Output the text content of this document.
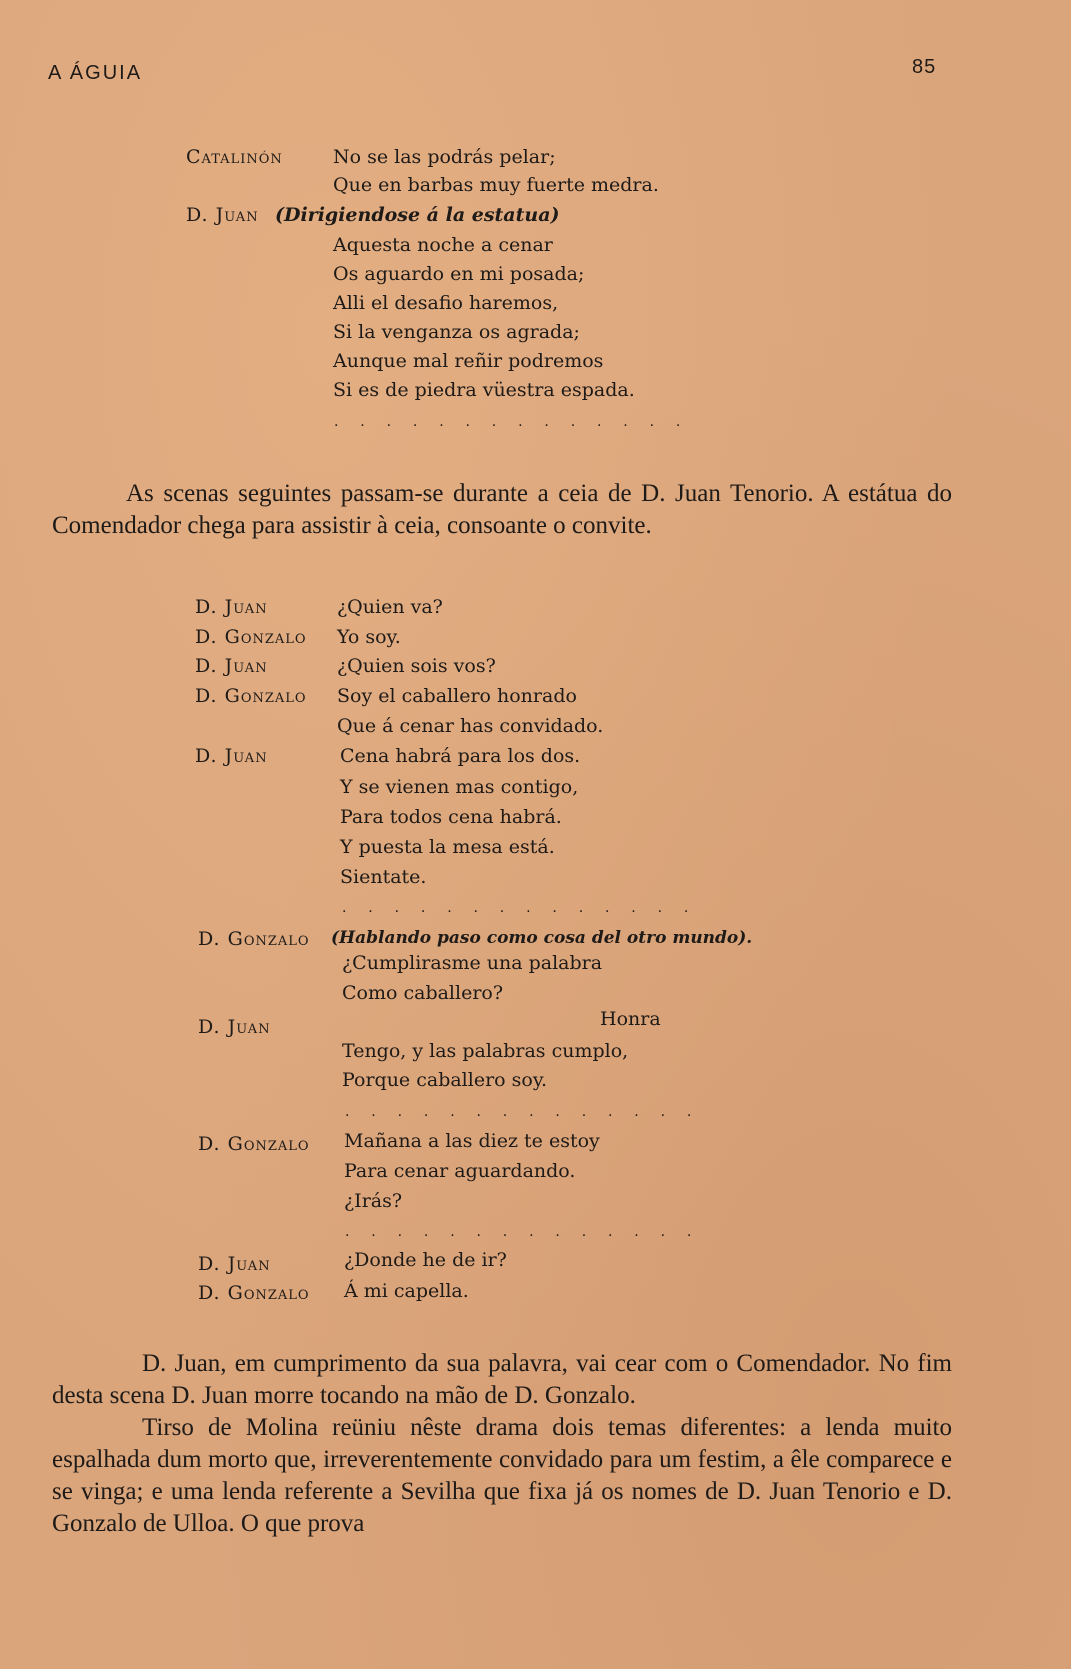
A ÁGUIA	85
Catalinón	No se las podrás pelar;
Que en barbas muy fuerte medra.
D. Juan (Dirigiendose á la estatua)
Aquesta noche a cenar
Os aguardo en mi posada;
Alli el desafio haremos,
Si la venganza os agrada;
Aunque mal reñir podremos
Si es de piedra vüestra espada.
. . . . . . . . . . . . . .
As scenas seguintes passam-se durante a ceia de D. Juan Tenorio. A estátua do Comendador chega para assistir à ceia, consoante o convite.
D. Juan	¿Quien va?
D. Gonzalo Yo soy.
D. Juan	¿Quien sois vos?
D. Gonzalo Soy el caballero honrado
Que á cenar has convidado.
D. Juan	Cena habrá para los dos.
Y se vienen mas contigo,
Para todos cena habrá.
Y puesta la mesa está.
Sientate.
. . . . . . . . . . . . . .
D. Gonzalo (Hablando paso como cosa del otro mundo).
¿Cumplirasme una palabra
Como caballero?
D. Juan	Honra
Tengo, y las palabras cumplo,
Porque caballero soy.
. . . . . . . . . . . . . .
D. Gonzalo Mañana a las diez te estoy
Para cenar aguardando.
¿Irás?
. . . . . . . . . . . . . .
D. Juan	¿Donde he de ir?
D. Gonzalo Á mi capella.
D. Juan, em cumprimento da sua palavra, vai cear com o Comendador. No fim desta scena D. Juan morre tocando na mão de D. Gonzalo.
Tirso de Molina reüniu nêste drama dois temas diferentes: a lenda muito espalhada dum morto que, irreverentemente convidado para um festim, a êle comparece e se vinga; e uma lenda referente a Sevilha que fixa já os nomes de D. Juan Tenorio e D. Gonzalo de Ulloa. O que prova
